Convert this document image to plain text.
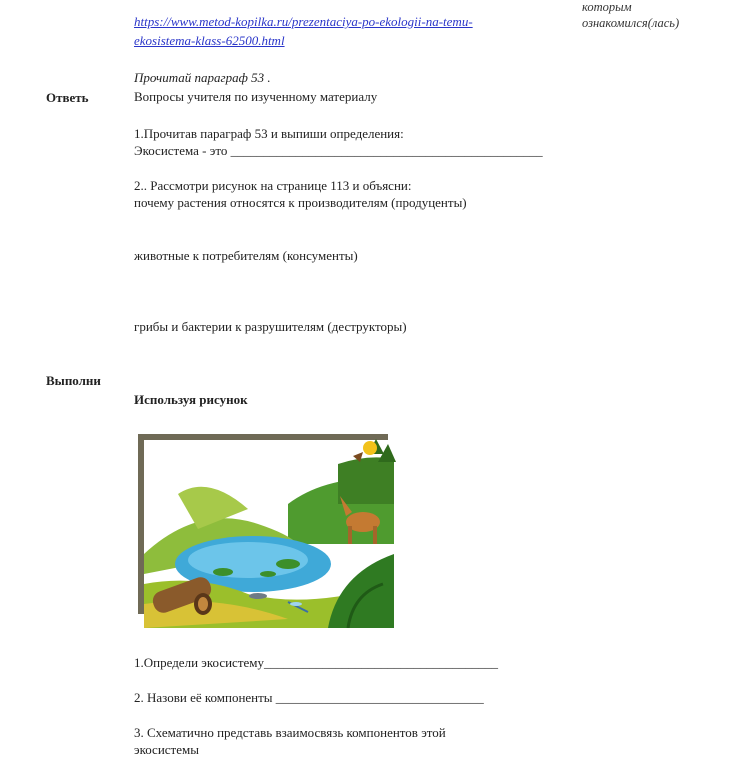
https://www.metod-kopilka.ru/prezentaciya-po-ekologii-na-temu-
ekosistema-klass-62500.html
которым
ознакомился(лась)
Прочитай параграф 53 .
Ответь	Вопросы учителя по изученному материалу
1.Прочитав параграф 53 и выпиши определения:
Экосистема - это ________________________________________________
2.. Рассмотри рисунок на странице 113 и объясни:
почему растения относятся к производителям (продуценты)
животные к потребителям (консументы)
грибы и бактерии к разрушителям (деструкторы)
Выполни
Используя рисунок
1.Определи экосистему____________________________________
2. Назови её компоненты ________________________________
3. Схематично представь взаимосвязь компонентов этой
экосистемы
